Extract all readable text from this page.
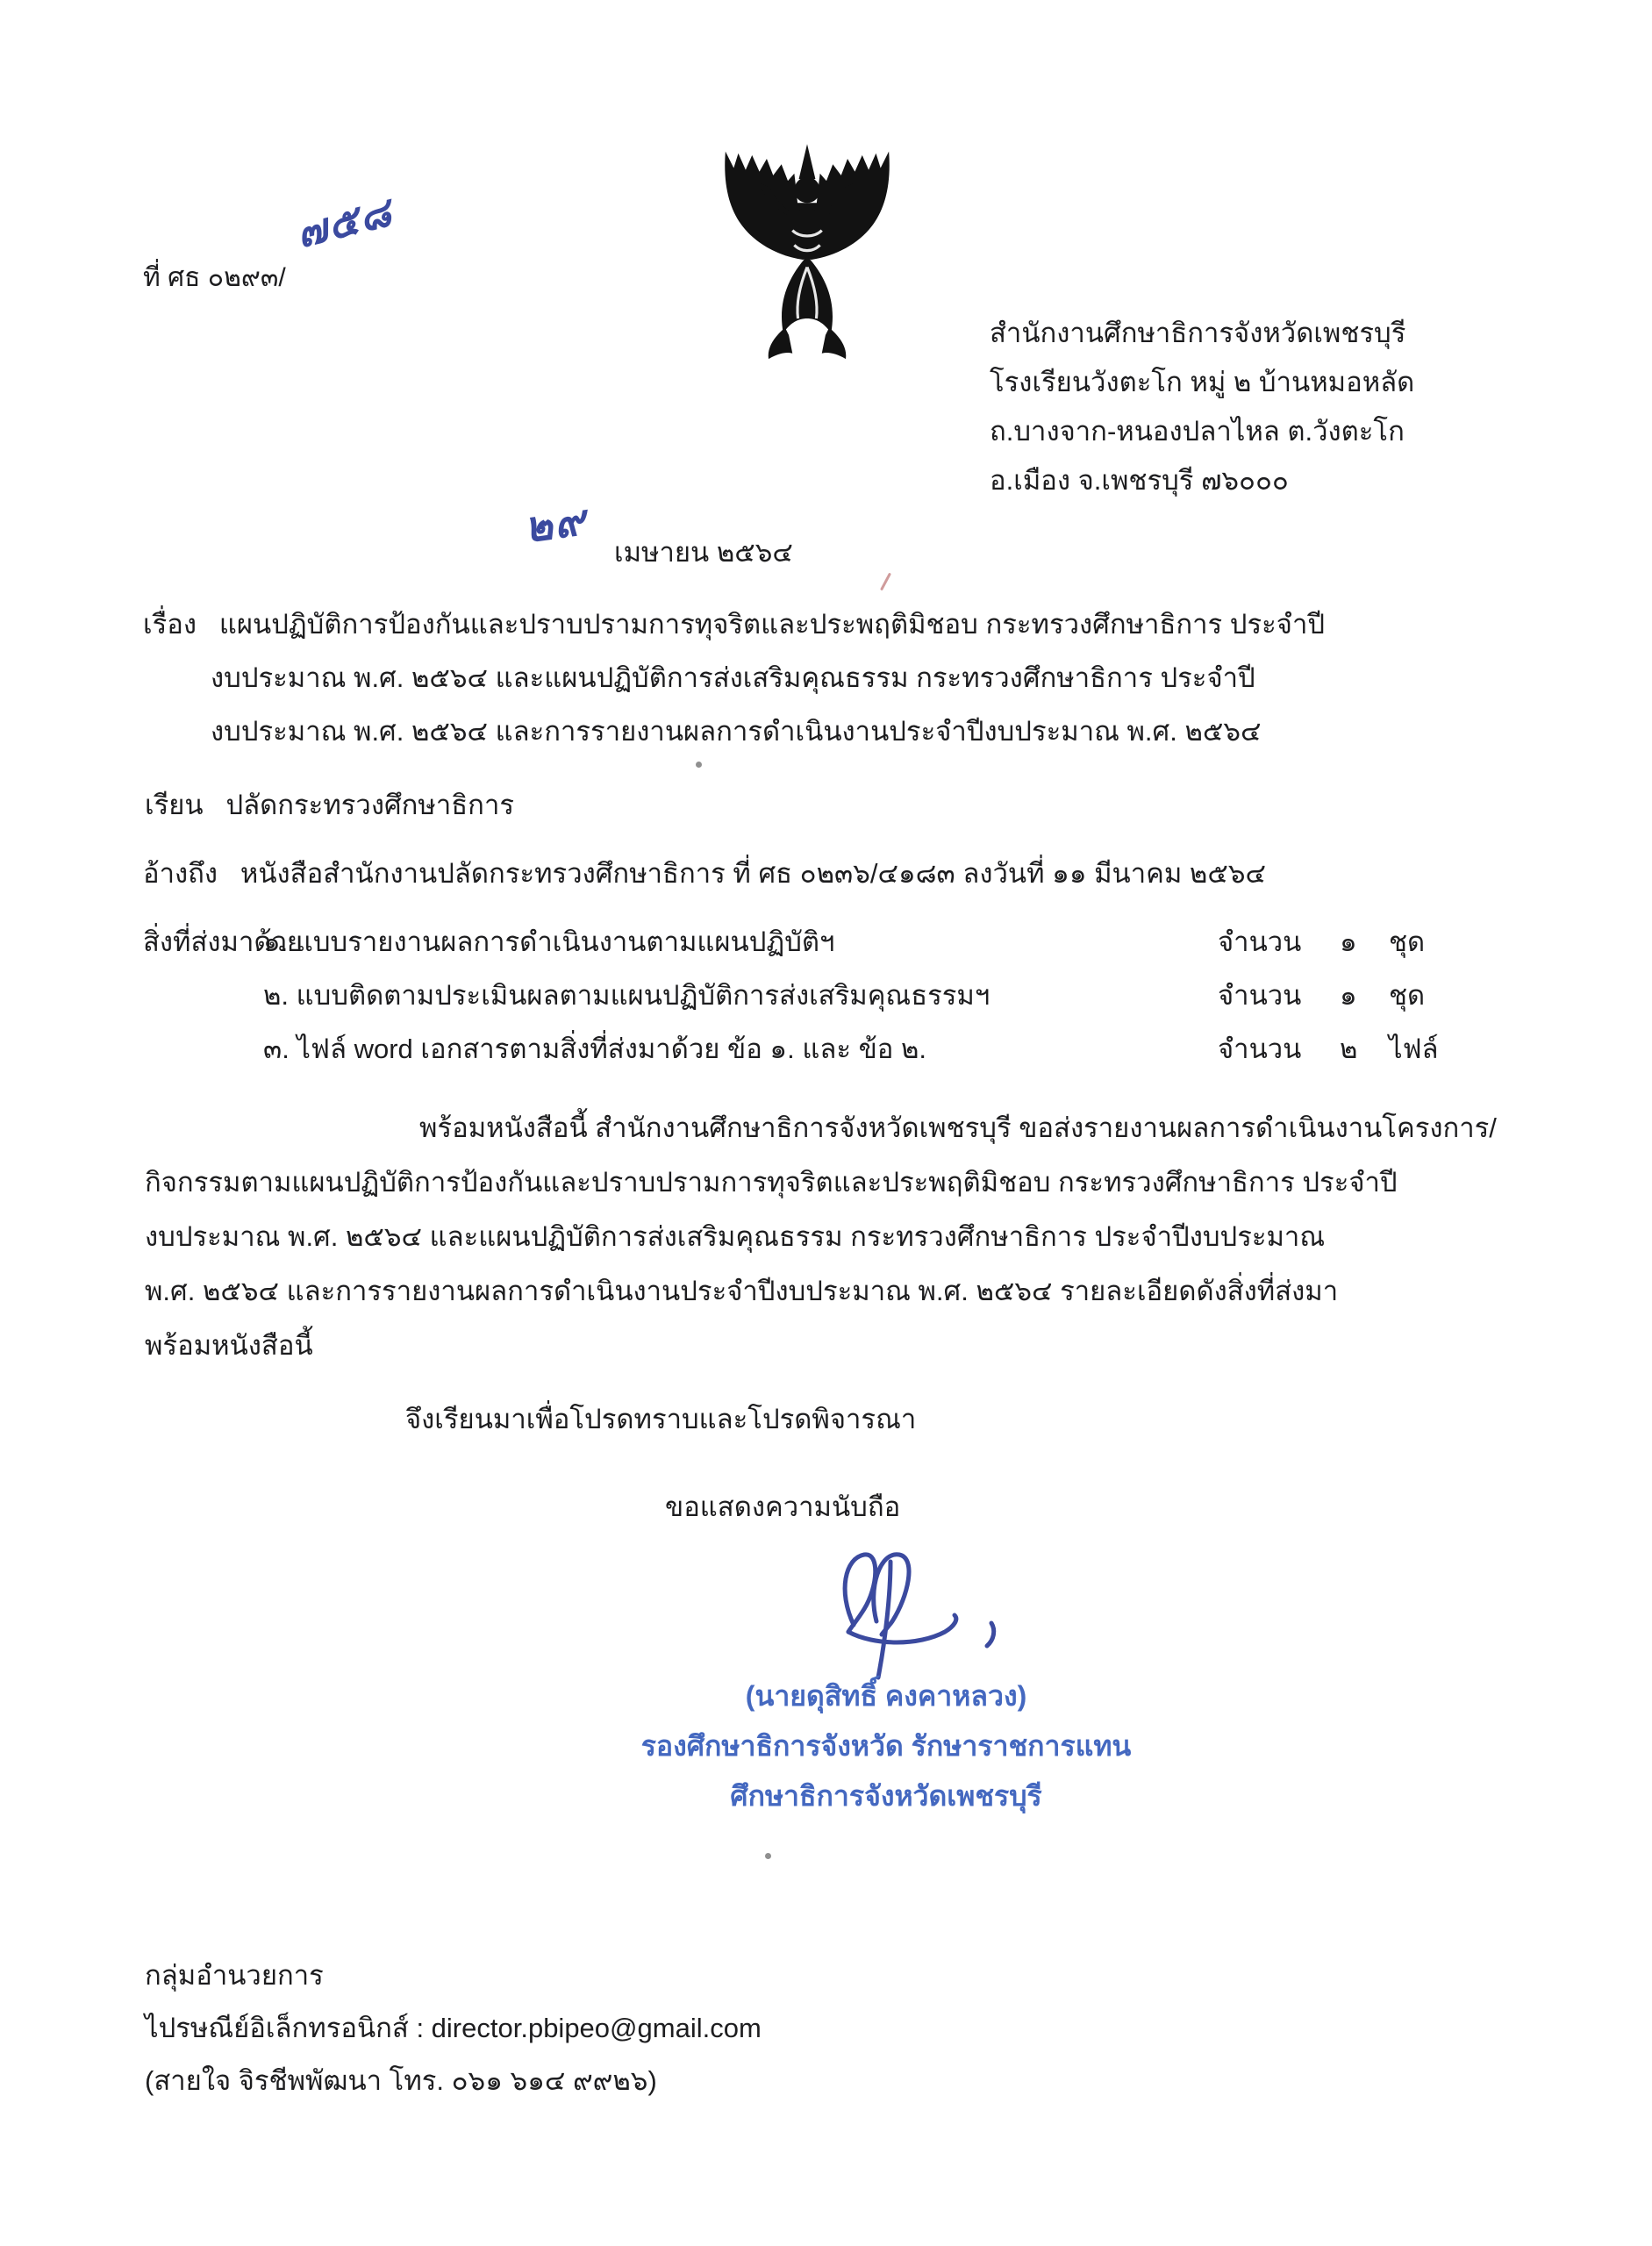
ที่ ศธ ๐๒๙๓/
๗๕๘
สำนักงานศึกษาธิการจังหวัดเพชรบุรี
โรงเรียนวังตะโก หมู่ ๒ บ้านหมอหลัด
ถ.บางจาก-หนองปลาไหล ต.วังตะโก
อ.เมือง จ.เพชรบุรี ๗๖๐๐๐
๒๙
เมษายน ๒๕๖๔
เรื่อง แผนปฏิบัติการป้องกันและปราบปรามการทุจริตและประพฤติมิชอบ กระทรวงศึกษาธิการ ประจำปี
งบประมาณ พ.ศ. ๒๕๖๔ และแผนปฏิบัติการส่งเสริมคุณธรรม กระทรวงศึกษาธิการ ประจำปี
งบประมาณ พ.ศ. ๒๕๖๔ และการรายงานผลการดำเนินงานประจำปีงบประมาณ พ.ศ. ๒๕๖๔
เรียน ปลัดกระทรวงศึกษาธิการ
อ้างถึง หนังสือสำนักงานปลัดกระทรวงศึกษาธิการ ที่ ศธ ๐๒๓๖/๔๑๘๓ ลงวันที่ ๑๑ มีนาคม ๒๕๖๔
สิ่งที่ส่งมาด้วย
๑. แบบรายงานผลการดำเนินงานตามแผนปฏิบัติฯ	จำนวน ๑ ชุด
๒. แบบติดตามประเมินผลตามแผนปฏิบัติการส่งเสริมคุณธรรมฯ	จำนวน ๑ ชุด
๓. ไฟล์ word เอกสารตามสิ่งที่ส่งมาด้วย ข้อ ๑. และ ข้อ ๒.	จำนวน ๒ ไฟล์
พร้อมหนังสือนี้ สำนักงานศึกษาธิการจังหวัดเพชรบุรี ขอส่งรายงานผลการดำเนินงานโครงการ/
กิจกรรมตามแผนปฏิบัติการป้องกันและปราบปรามการทุจริตและประพฤติมิชอบ กระทรวงศึกษาธิการ ประจำปี
งบประมาณ พ.ศ. ๒๕๖๔ และแผนปฏิบัติการส่งเสริมคุณธรรม กระทรวงศึกษาธิการ ประจำปีงบประมาณ
พ.ศ. ๒๕๖๔ และการรายงานผลการดำเนินงานประจำปีงบประมาณ พ.ศ. ๒๕๖๔ รายละเอียดดังสิ่งที่ส่งมา
พร้อมหนังสือนี้
จึงเรียนมาเพื่อโปรดทราบและโปรดพิจารณา
ขอแสดงความนับถือ
(นายดุสิทธิ์ คงคาหลวง)
รองศึกษาธิการจังหวัด รักษาราชการแทน
ศึกษาธิการจังหวัดเพชรบุรี
กลุ่มอำนวยการ
ไปรษณีย์อิเล็กทรอนิกส์ : director.pbipeo@gmail.com
(สายใจ จิรชีพพัฒนา โทร. ๐๖๑ ๖๑๔ ๙๙๒๖)
